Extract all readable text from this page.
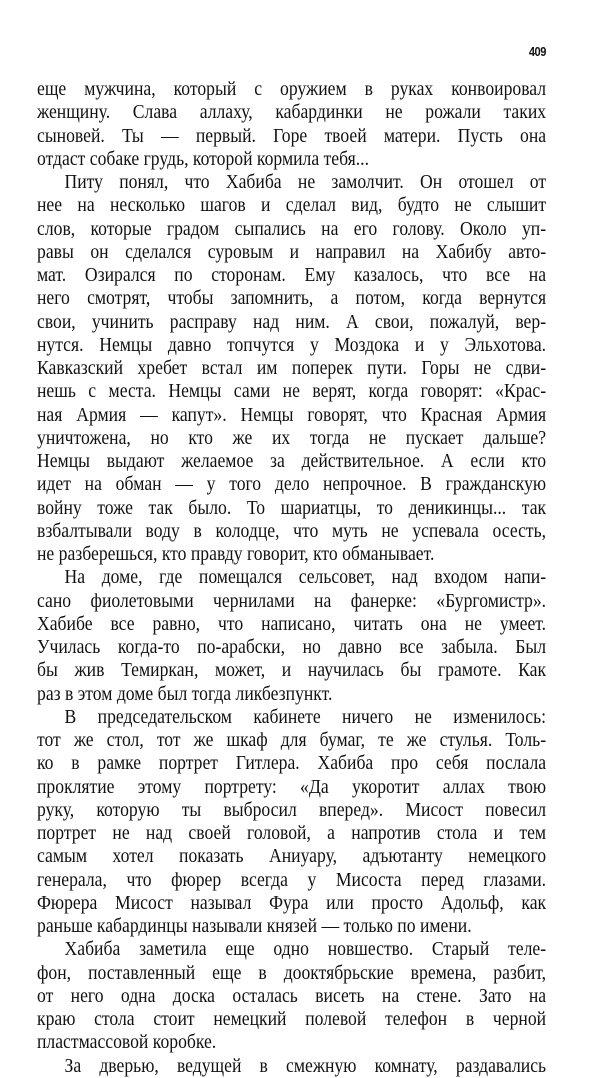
409
еще мужчина, который с оружием в руках конвоировал
женщину. Слава аллаху, кабардинки не рожали таких
сыновей. Ты — первый. Горе твоей матери. Пусть она
отдаст собаке грудь, которой кормила тебя...
Питу понял, что Хабиба не замолчит. Он отошел от
нее на несколько шагов и сделал вид, будто не слышит
слов, которые градом сыпались на его голову. Около уп-
равы он сделался суровым и направил на Хабибу авто-
мат. Озирался по сторонам. Ему казалось, что все на
него смотрят, чтобы запомнить, а потом, когда вернутся
свои, учинить расправу над ним. А свои, пожалуй, вер-
нутся. Немцы давно топчутся у Моздока и у Эльхотова.
Кавказский хребет встал им поперек пути. Горы не сдви-
нешь с места. Немцы сами не верят, когда говорят: «Крас-
ная Армия — капут». Немцы говорят, что Красная Армия
уничтожена, но кто же их тогда не пускает дальше?
Немцы выдают желаемое за действительное. А если кто
идет на обман — у того дело непрочное. В гражданскую
войну тоже так было. То шариатцы, то деникинцы... так
взбалтывали воду в колодце, что муть не успевала осесть,
не разберешься, кто правду говорит, кто обманывает.
На доме, где помещался сельсовет, над входом напи-
сано фиолетовыми чернилами на фанерке: «Бургомистр».
Хабибе все равно, что написано, читать она не умеет.
Училась когда-то по-арабски, но давно все забыла. Был
бы жив Темиркан, может, и научилась бы грамоте. Как
раз в этом доме был тогда ликбезпункт.
В председательском кабинете ничего не изменилось:
тот же стол, тот же шкаф для бумаг, те же стулья. Толь-
ко в рамке портрет Гитлера. Хабиба про себя послала
проклятие этому портрету: «Да укоротит аллах твою
руку, которую ты выбросил вперед». Мисост повесил
портрет не над своей головой, а напротив стола и тем
самым хотел показать Аниуару, адъютанту немецкого
генерала, что фюрер всегда у Мисоста перед глазами.
Фюрера Мисост называл Фура или просто Адольф, как
раньше кабардинцы называли князей — только по имени.
Хабиба заметила еще одно новшество. Старый теле-
фон, поставленный еще в дооктябрьские времена, разбит,
от него одна доска осталась висеть на стене. Зато на
краю стола стоит немецкий полевой телефон в черной
пластмассовой коробке.
За дверью, ведущей в смежную комнату, раздавались
